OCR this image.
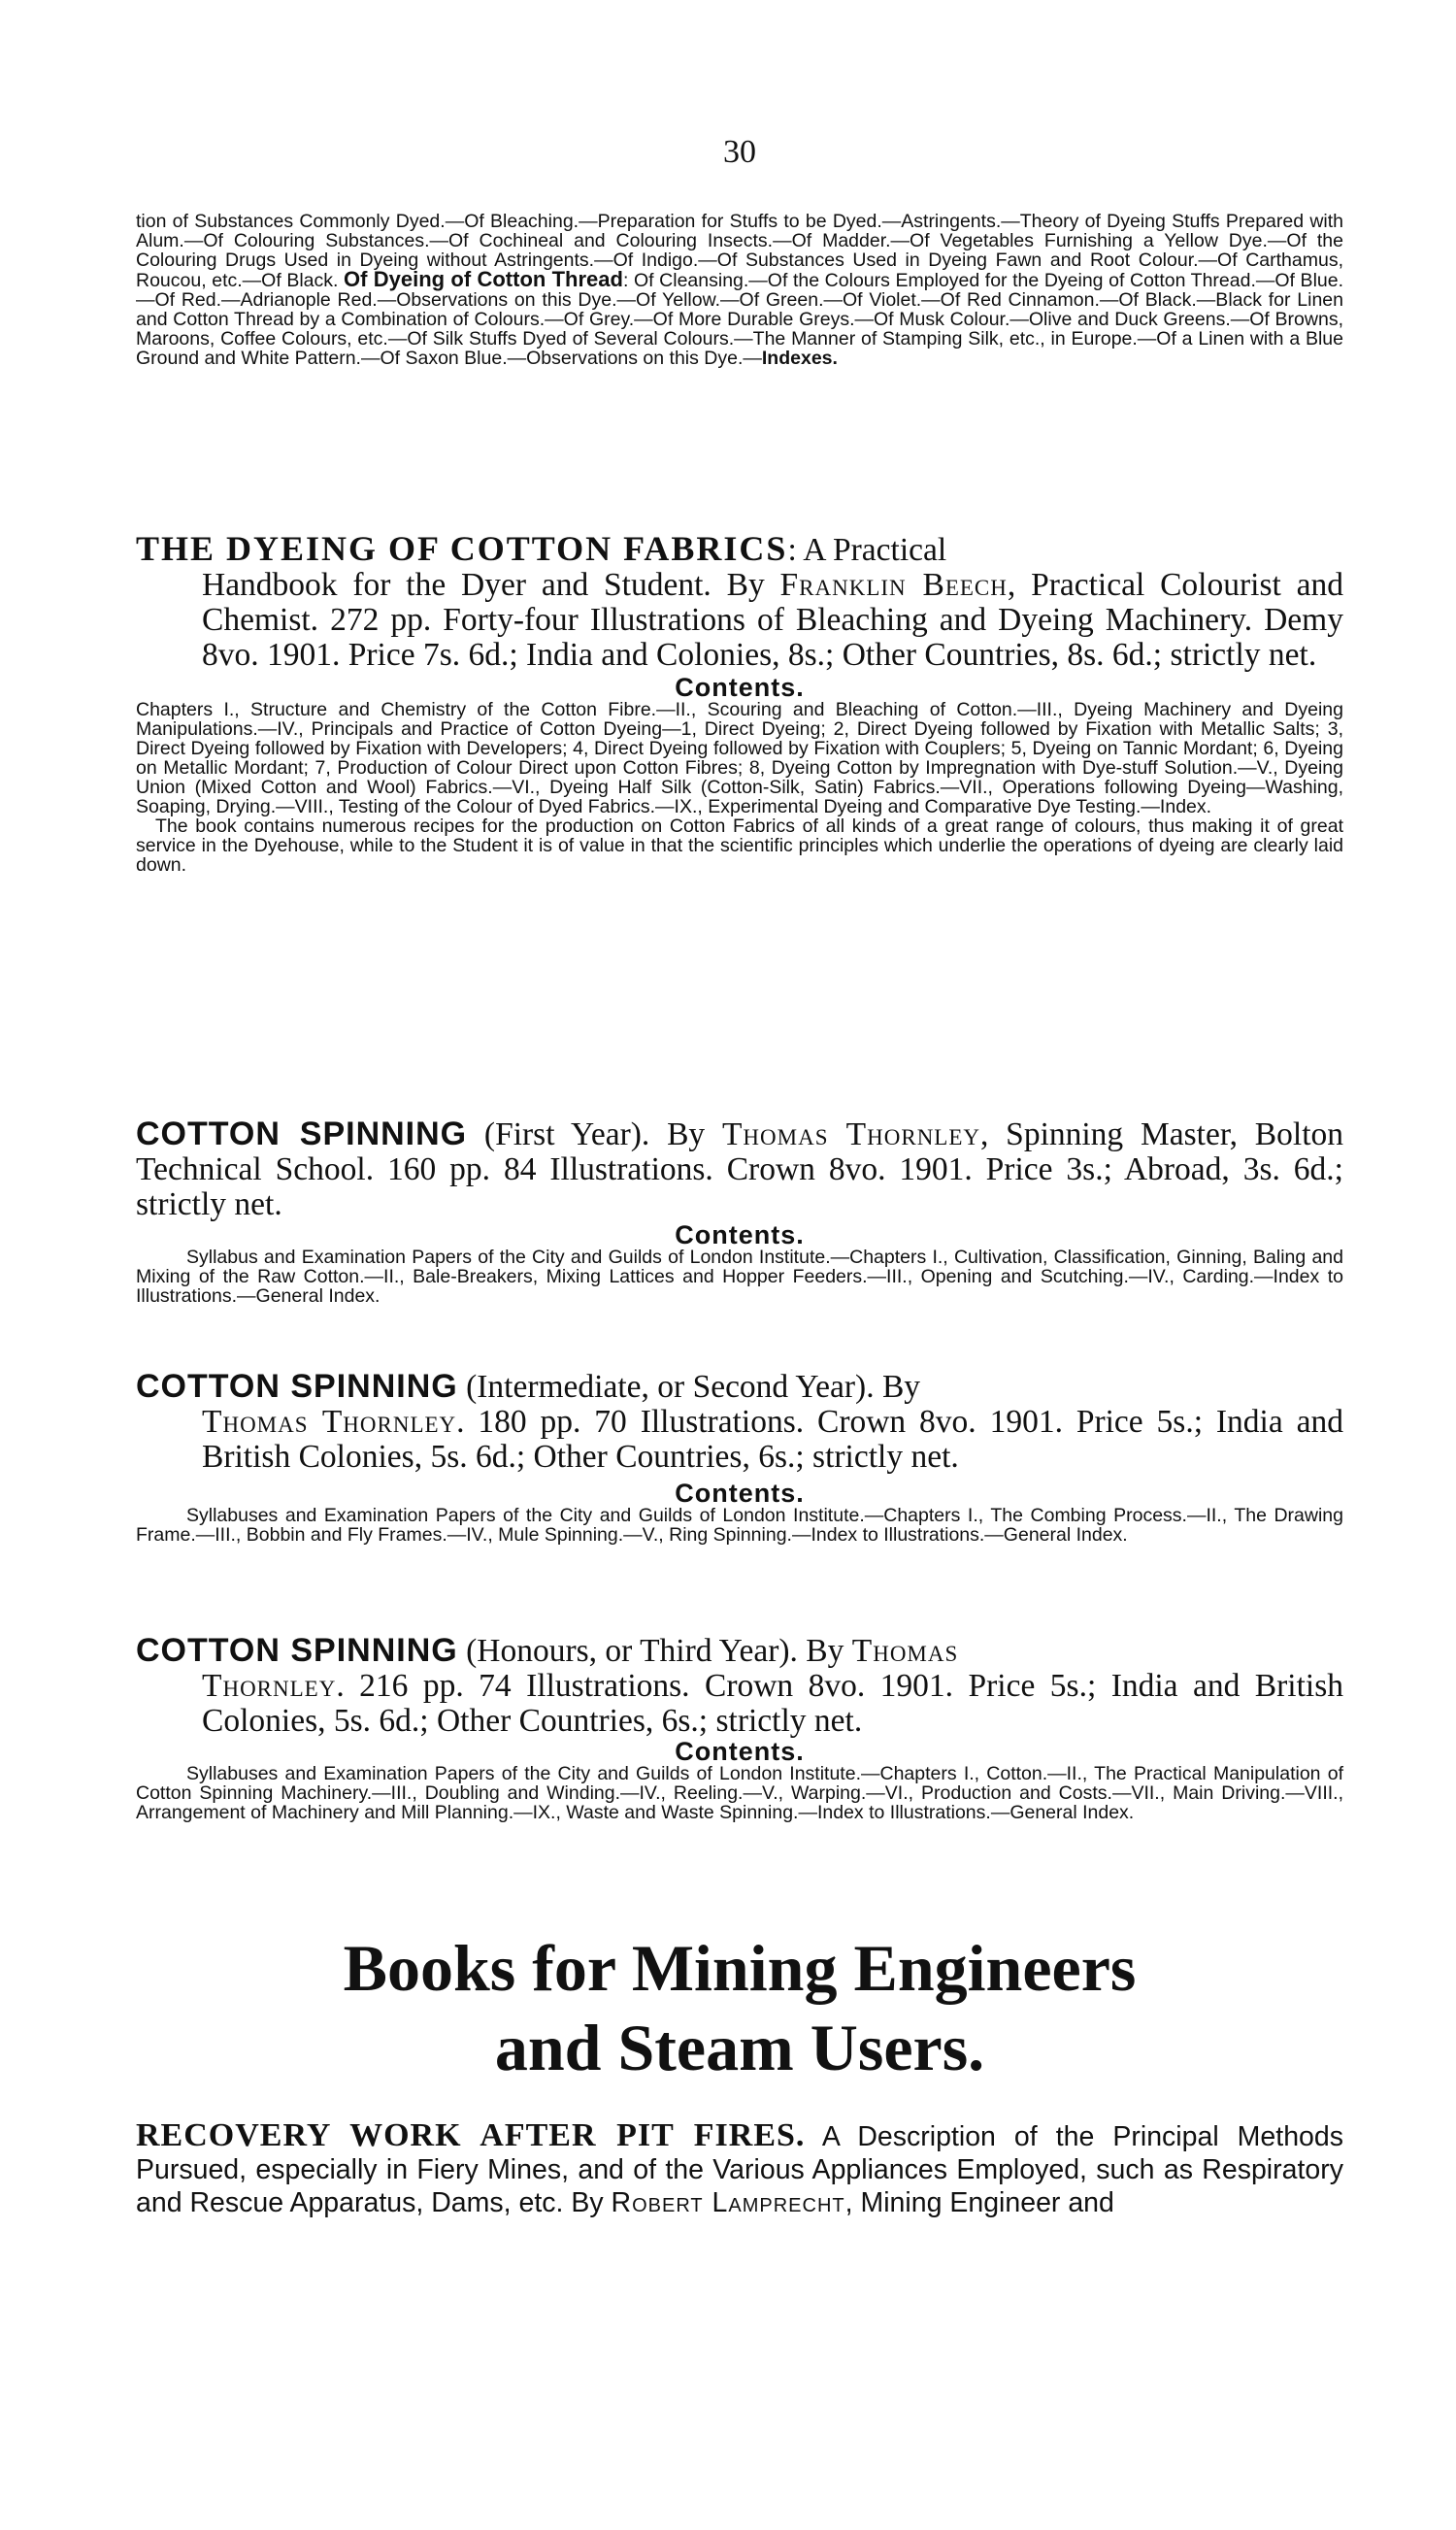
30
tion of Substances Commonly Dyed.—Of Bleaching.—Preparation for Stuffs to be Dyed.—Astringents.—Theory of Dyeing Stuffs Prepared with Alum.—Of Colouring Substances.—Of Cochineal and Colouring Insects.—Of Madder.—Of Vegetables Furnishing a Yellow Dye.—Of the Colouring Drugs Used in Dyeing without Astringents.—Of Indigo.—Of Substances Used in Dyeing Fawn and Root Colour.—Of Carthamus, Roucou, etc.—Of Black. Of Dyeing of Cotton Thread: Of Cleansing.—Of the Colours Employed for the Dyeing of Cotton Thread.—Of Blue.—Of Red.—Adrianople Red.—Observations on this Dye.—Of Yellow.—Of Green.—Of Violet.—Of Red Cinnamon.—Of Black.—Black for Linen and Cotton Thread by a Combination of Colours.—Of Grey.—Of More Durable Greys.—Of Musk Colour.—Olive and Duck Greens.—Of Browns, Maroons, Coffee Colours, etc.—Of Silk Stuffs Dyed of Several Colours.—The Manner of Stamping Silk, etc., in Europe.—Of a Linen with a Blue Ground and White Pattern.—Of Saxon Blue.—Observations on this Dye.—Indexes.
THE DYEING OF COTTON FABRICS: A Practical
Handbook for the Dyer and Student. By Franklin Beech, Practical Colourist and Chemist. 272 pp. Forty-four Illustrations of Bleaching and Dyeing Machinery. Demy 8vo. 1901. Price 7s. 6d.; India and Colonies, 8s.; Other Countries, 8s. 6d.; strictly net.
Contents.
Chapters I., Structure and Chemistry of the Cotton Fibre.—II., Scouring and Bleaching of Cotton.—III., Dyeing Machinery and Dyeing Manipulations.—IV., Principals and Practice of Cotton Dyeing—1, Direct Dyeing; 2, Direct Dyeing followed by Fixation with Metallic Salts; 3, Direct Dyeing followed by Fixation with Developers; 4, Direct Dyeing followed by Fixation with Couplers; 5, Dyeing on Tannic Mordant; 6, Dyeing on Metallic Mordant; 7, Production of Colour Direct upon Cotton Fibres; 8, Dyeing Cotton by Impregnation with Dye-stuff Solution.—V., Dyeing Union (Mixed Cotton and Wool) Fabrics.—VI., Dyeing Half Silk (Cotton-Silk, Satin) Fabrics.—VII., Operations following Dyeing—Washing, Soaping, Drying.—VIII., Testing of the Colour of Dyed Fabrics.—IX., Experimental Dyeing and Comparative Dye Testing.—Index.
The book contains numerous recipes for the production on Cotton Fabrics of all kinds of a great range of colours, thus making it of great service in the Dyehouse, while to the Student it is of value in that the scientific principles which underlie the operations of dyeing are clearly laid down.
COTTON SPINNING (First Year). By Thomas Thornley, Spinning Master, Bolton Technical School. 160 pp. 84 Illustrations. Crown 8vo. 1901. Price 3s.; Abroad, 3s. 6d.; strictly net.
Contents.
Syllabus and Examination Papers of the City and Guilds of London Institute.—Chapters I., Cultivation, Classification, Ginning, Baling and Mixing of the Raw Cotton.—II., Bale-Breakers, Mixing Lattices and Hopper Feeders.—III., Opening and Scutching.—IV., Carding.—Index to Illustrations.—General Index.
COTTON SPINNING (Intermediate, or Second Year). By
Thomas Thornley. 180 pp. 70 Illustrations. Crown 8vo. 1901. Price 5s.; India and British Colonies, 5s. 6d.; Other Countries, 6s.; strictly net.
Contents.
Syllabuses and Examination Papers of the City and Guilds of London Institute.—Chapters I., The Combing Process.—II., The Drawing Frame.—III., Bobbin and Fly Frames.—IV., Mule Spinning.—V., Ring Spinning.—Index to Illustrations.—General Index.
COTTON SPINNING (Honours, or Third Year). By Thomas
Thornley. 216 pp. 74 Illustrations. Crown 8vo. 1901. Price 5s.; India and British Colonies, 5s. 6d.; Other Countries, 6s.; strictly net.
Contents.
Syllabuses and Examination Papers of the City and Guilds of London Institute.—Chapters I., Cotton.—II., The Practical Manipulation of Cotton Spinning Machinery.—III., Doubling and Winding.—IV., Reeling.—V., Warping.—VI., Production and Costs.—VII., Main Driving.—VIII., Arrangement of Machinery and Mill Planning.—IX., Waste and Waste Spinning.—Index to Illustrations.—General Index.
Books for Mining Engineers
and Steam Users.
RECOVERY WORK AFTER PIT FIRES. A Description of the Principal Methods Pursued, especially in Fiery Mines, and of the Various Appliances Employed, such as Respiratory and Rescue Apparatus, Dams, etc. By Robert Lamprecht, Mining Engineer and
